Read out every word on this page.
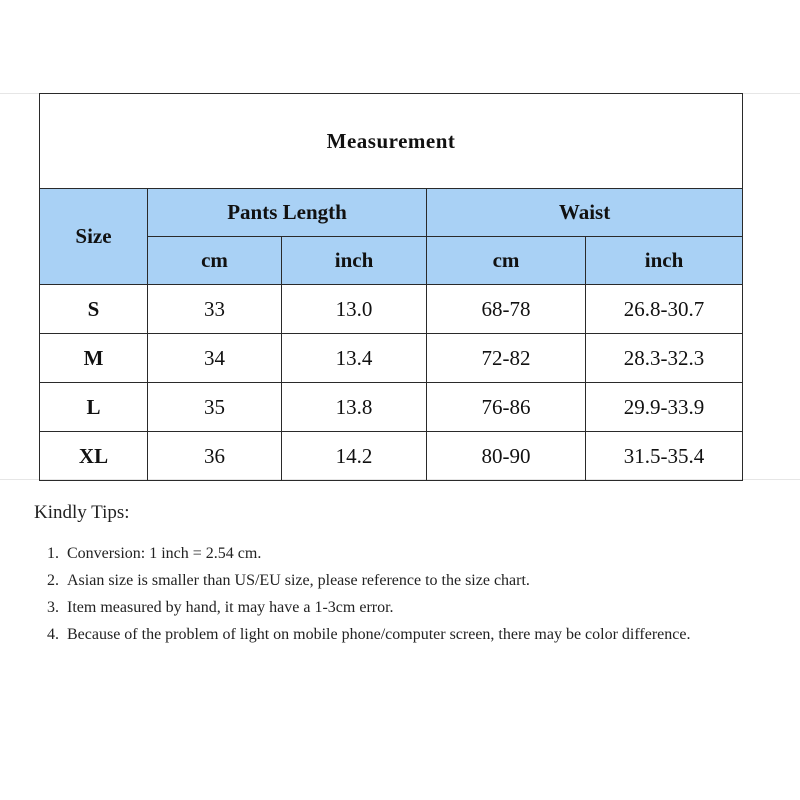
Measurement				
Size	Pants Length		Waist	
	cm	inch	cm	inch
S	33	13.0	68-78	26.8-30.7
M	34	13.4	72-82	28.3-32.3
L	35	13.8	76-86	29.9-33.9
XL	36	14.2	80-90	31.5-35.4

Kindly Tips:

1. Conversion: 1 inch = 2.54 cm.
2. Asian size is smaller than US/EU size, please reference to the size chart.
3. Item measured by hand, it may have a 1-3cm error.
4. Because of the problem of light on mobile phone/computer screen, there may be color difference.
